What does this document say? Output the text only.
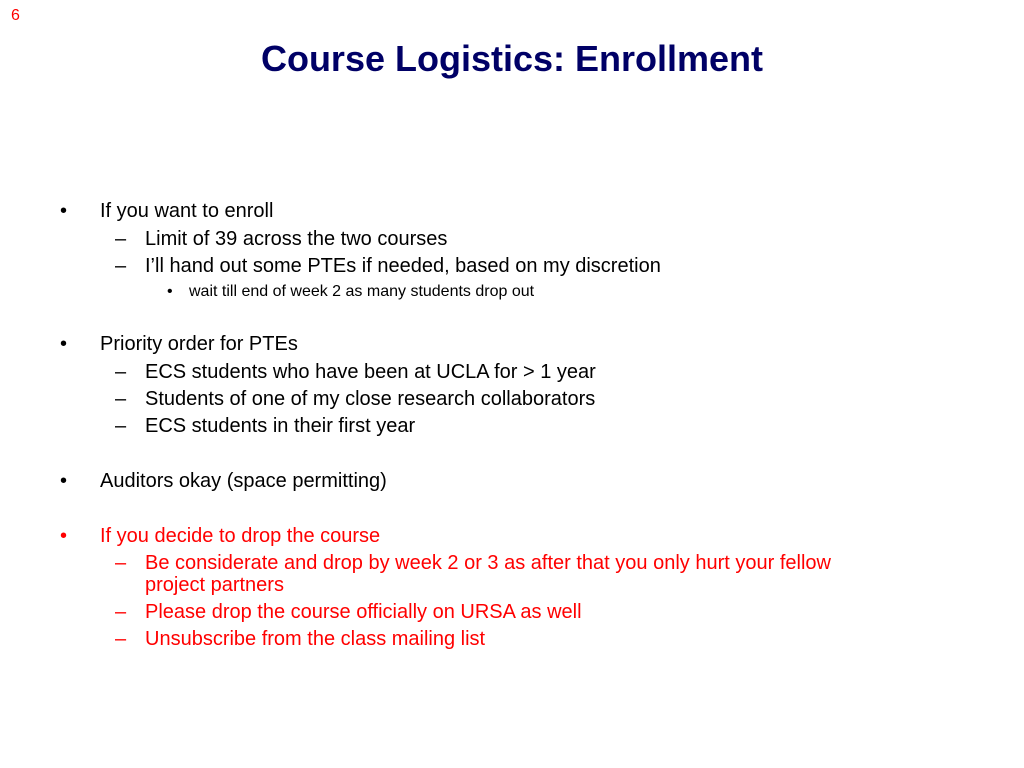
6
Course Logistics: Enrollment
• If you want to enroll
– Limit of 39 across the two courses
– I’ll hand out some PTEs if needed, based on my discretion
• wait till end of week 2 as many students drop out
• Priority order for PTEs
– ECS students who have been at UCLA for > 1 year
– Students of one of my close research collaborators
– ECS students in their first year
• Auditors okay (space permitting)
• If you decide to drop the course
– Be considerate and drop by week 2 or 3 as after that you only hurt your fellow
project partners
– Please drop the course officially on URSA as well
– Unsubscribe from the class mailing list
